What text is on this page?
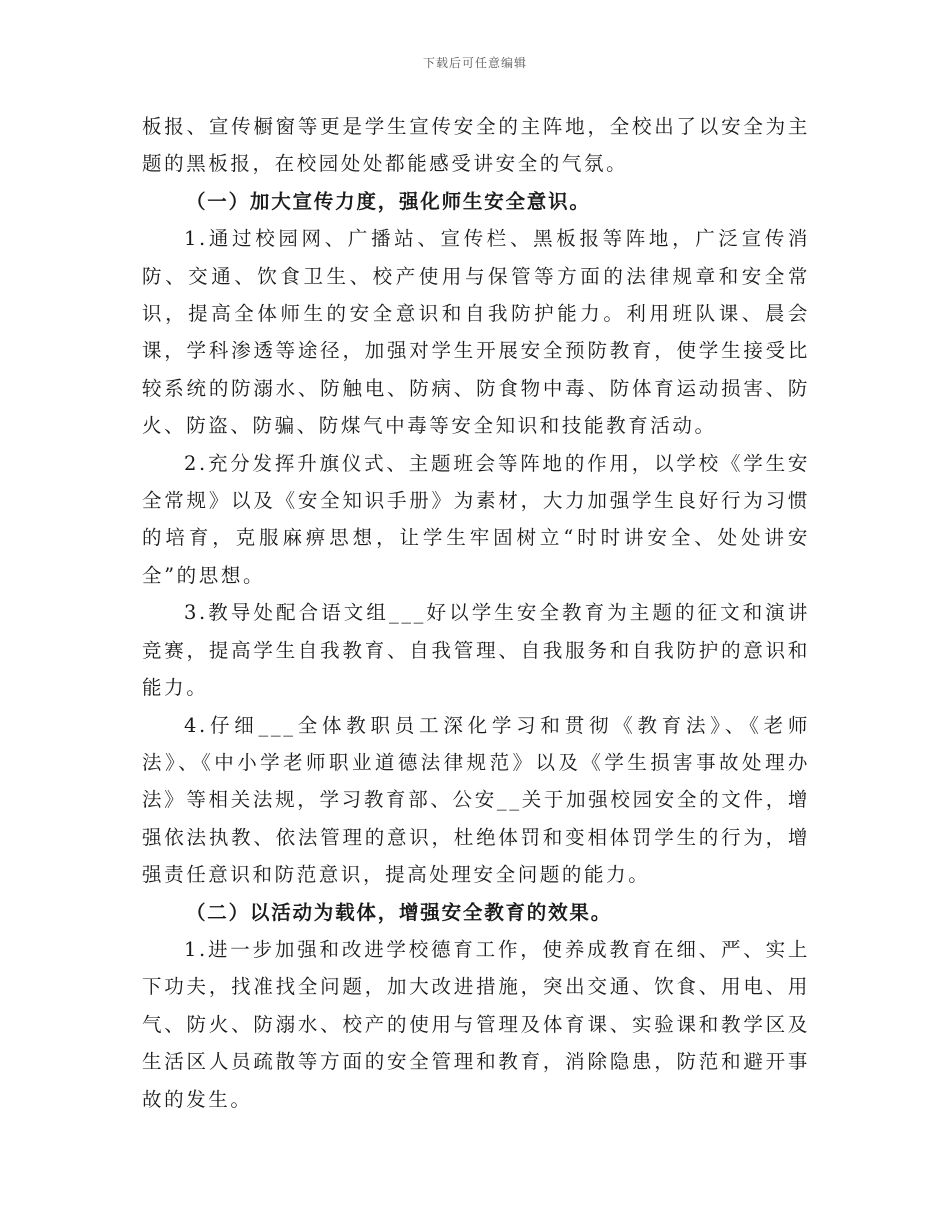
下载后可任意编辑

板报、宣传橱窗等更是学生宣传安全的主阵地，全校出了以安全为主题的黑板报，在校园处处都能感受讲安全的气氛。

（一）加大宣传力度，强化师生安全意识。

1.通过校园网、广播站、宣传栏、黑板报等阵地，广泛宣传消防、交通、饮食卫生、校产使用与保管等方面的法律规章和安全常识，提高全体师生的安全意识和自我防护能力。利用班队课、晨会课，学科渗透等途径，加强对学生开展安全预防教育，使学生接受比较系统的防溺水、防触电、防病、防食物中毒、防体育运动损害、防火、防盗、防骗、防煤气中毒等安全知识和技能教育活动。

2.充分发挥升旗仪式、主题班会等阵地的作用，以学校《学生安全常规》以及《安全知识手册》为素材，大力加强学生良好行为习惯的培育，克服麻痹思想，让学生牢固树立“时时讲安全、处处讲安全”的思想。

3.教导处配合语文组___好以学生安全教育为主题的征文和演讲竞赛，提高学生自我教育、自我管理、自我服务和自我防护的意识和能力。

4.仔细___全体教职员工深化学习和贯彻《教育法》、《老师法》、《中小学老师职业道德法律规范》以及《学生损害事故处理办法》等相关法规，学习教育部、公安__关于加强校园安全的文件，增强依法执教、依法管理的意识，杜绝体罚和变相体罚学生的行为，增强责任意识和防范意识，提高处理安全问题的能力。

（二）以活动为载体，增强安全教育的效果。

1.进一步加强和改进学校德育工作，使养成教育在细、严、实上下功夫，找准找全问题，加大改进措施，突出交通、饮食、用电、用气、防火、防溺水、校产的使用与管理及体育课、实验课和教学区及生活区人员疏散等方面的安全管理和教育，消除隐患，防范和避开事故的发生。
